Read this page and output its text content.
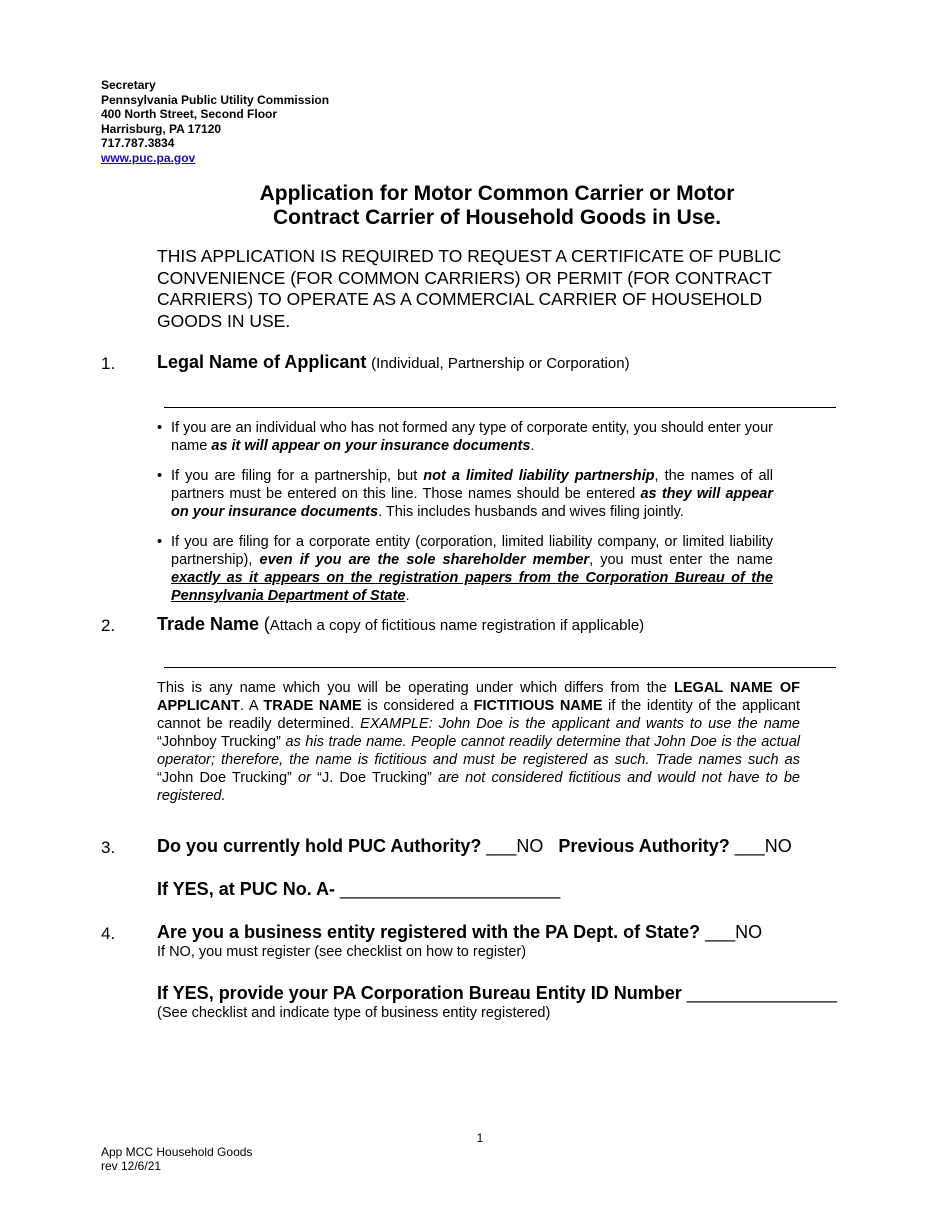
Secretary
Pennsylvania Public Utility Commission
400 North Street, Second Floor
Harrisburg, PA 17120
717.787.3834
www.puc.pa.gov
Application for Motor Common Carrier or Motor
Contract Carrier of Household Goods in Use.
THIS APPLICATION IS REQUIRED TO REQUEST A CERTIFICATE OF PUBLIC CONVENIENCE (FOR COMMON CARRIERS) OR PERMIT (FOR CONTRACT CARRIERS) TO OPERATE AS A COMMERCIAL CARRIER OF HOUSEHOLD GOODS IN USE.
1. Legal Name of Applicant (Individual, Partnership or Corporation)
• If you are an individual who has not formed any type of corporate entity, you should enter your name as it will appear on your insurance documents.
• If you are filing for a partnership, but not a limited liability partnership, the names of all partners must be entered on this line. Those names should be entered as they will appear on your insurance documents. This includes husbands and wives filing jointly.
• If you are filing for a corporate entity (corporation, limited liability company, or limited liability partnership), even if you are the sole shareholder member, you must enter the name exactly as it appears on the registration papers from the Corporation Bureau of the Pennsylvania Department of State.
2. Trade Name (Attach a copy of fictitious name registration if applicable)
This is any name which you will be operating under which differs from the LEGAL NAME OF APPLICANT. A TRADE NAME is considered a FICTITIOUS NAME if the identity of the applicant cannot be readily determined. EXAMPLE: John Doe is the applicant and wants to use the name “Johnboy Trucking” as his trade name. People cannot readily determine that John Doe is the actual operator; therefore, the name is fictitious and must be registered as such. Trade names such as “John Doe Trucking” or “J. Doe Trucking” are not considered fictitious and would not have to be registered.
3. Do you currently hold PUC Authority? ___NO Previous Authority? ___NO
If YES, at PUC No. A- ______________________
4. Are you a business entity registered with the PA Dept. of State? ___NO
If NO, you must register (see checklist on how to register)
If YES, provide your PA Corporation Bureau Entity ID Number _______________
(See checklist and indicate type of business entity registered)
1
App MCC Household Goods
rev 12/6/21
